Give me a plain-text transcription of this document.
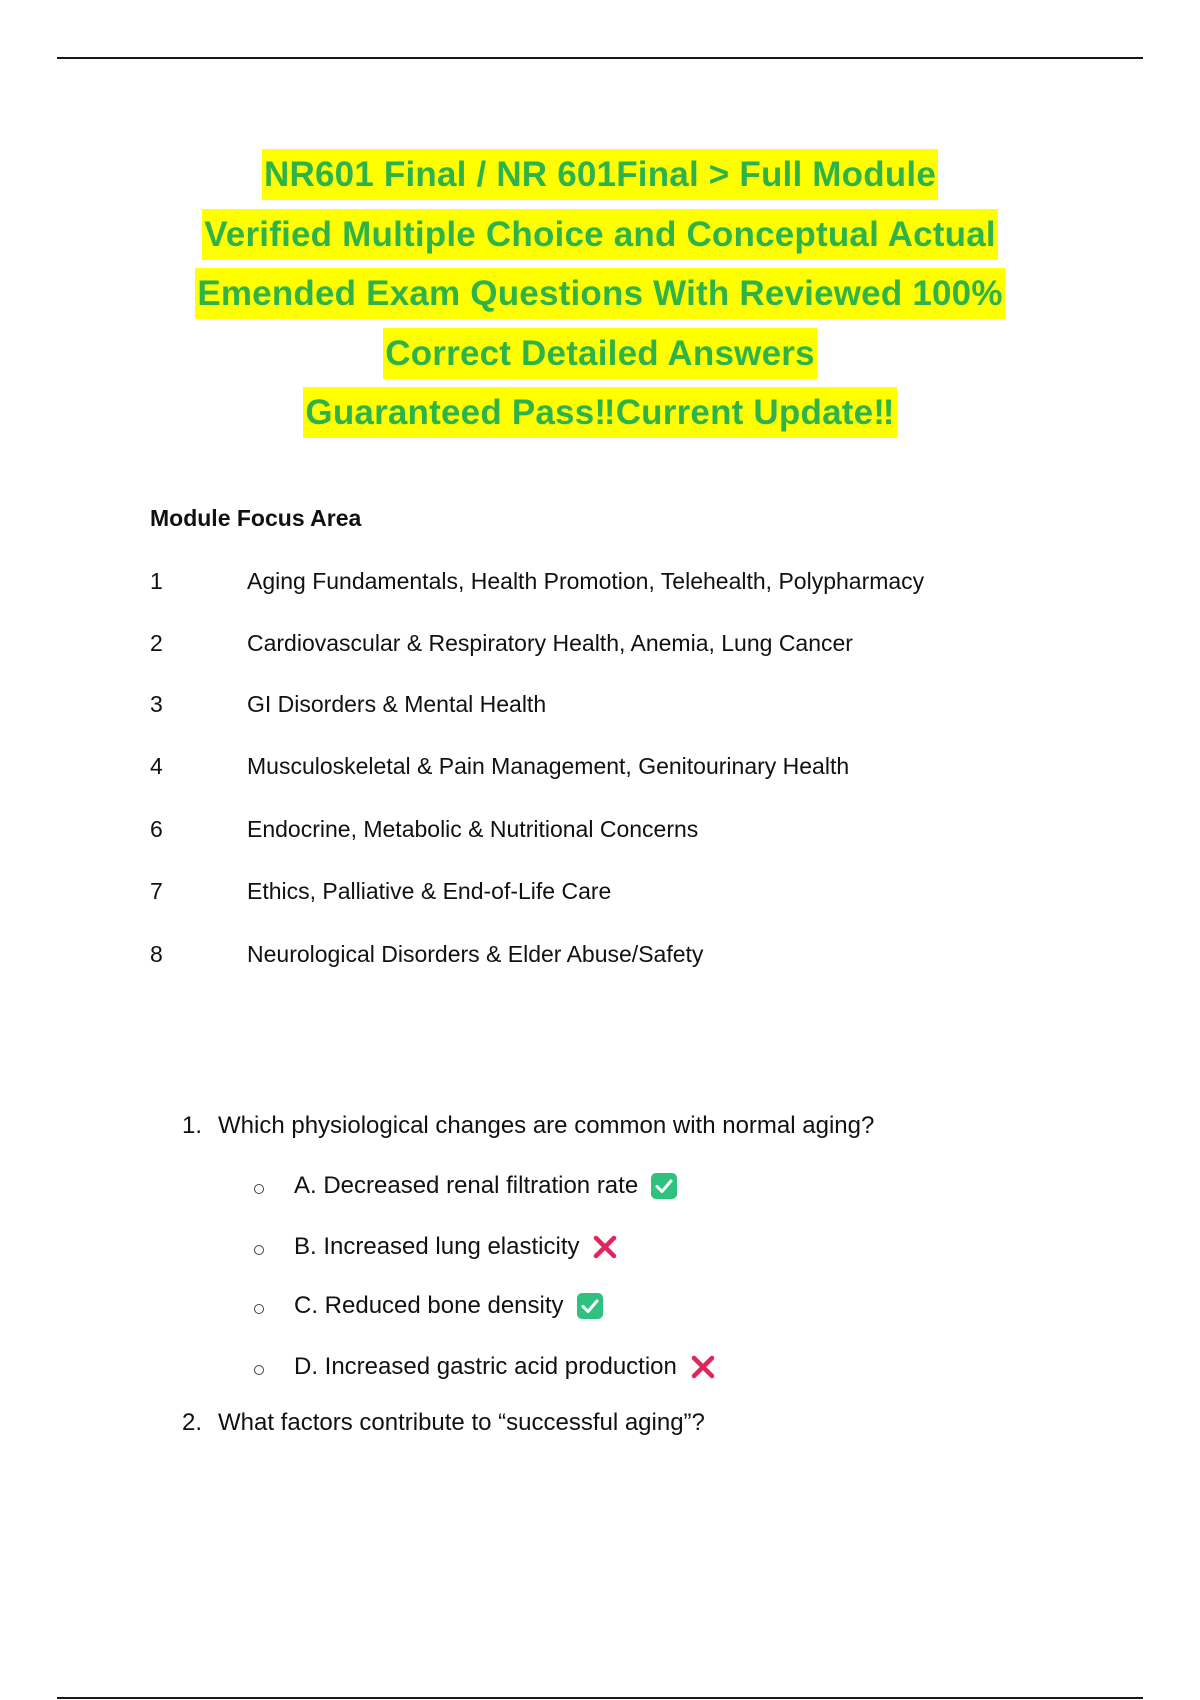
NR601 Final / NR 601Final > Full Module
Verified Multiple Choice and Conceptual Actual
Emended Exam Questions With Reviewed 100%
Correct Detailed Answers
Guaranteed Pass‼Current Update‼
Module Focus Area
1	Aging Fundamentals, Health Promotion, Telehealth, Polypharmacy
2	Cardiovascular & Respiratory Health, Anemia, Lung Cancer
3	GI Disorders & Mental Health
4	Musculoskeletal & Pain Management, Genitourinary Health
6	Endocrine, Metabolic & Nutritional Concerns
7	Ethics, Palliative & End-of-Life Care
8	Neurological Disorders & Elder Abuse/Safety
1. Which physiological changes are common with normal aging?
A. Decreased renal filtration rate
B. Increased lung elasticity
C. Reduced bone density
D. Increased gastric acid production
2. What factors contribute to “successful aging”?
